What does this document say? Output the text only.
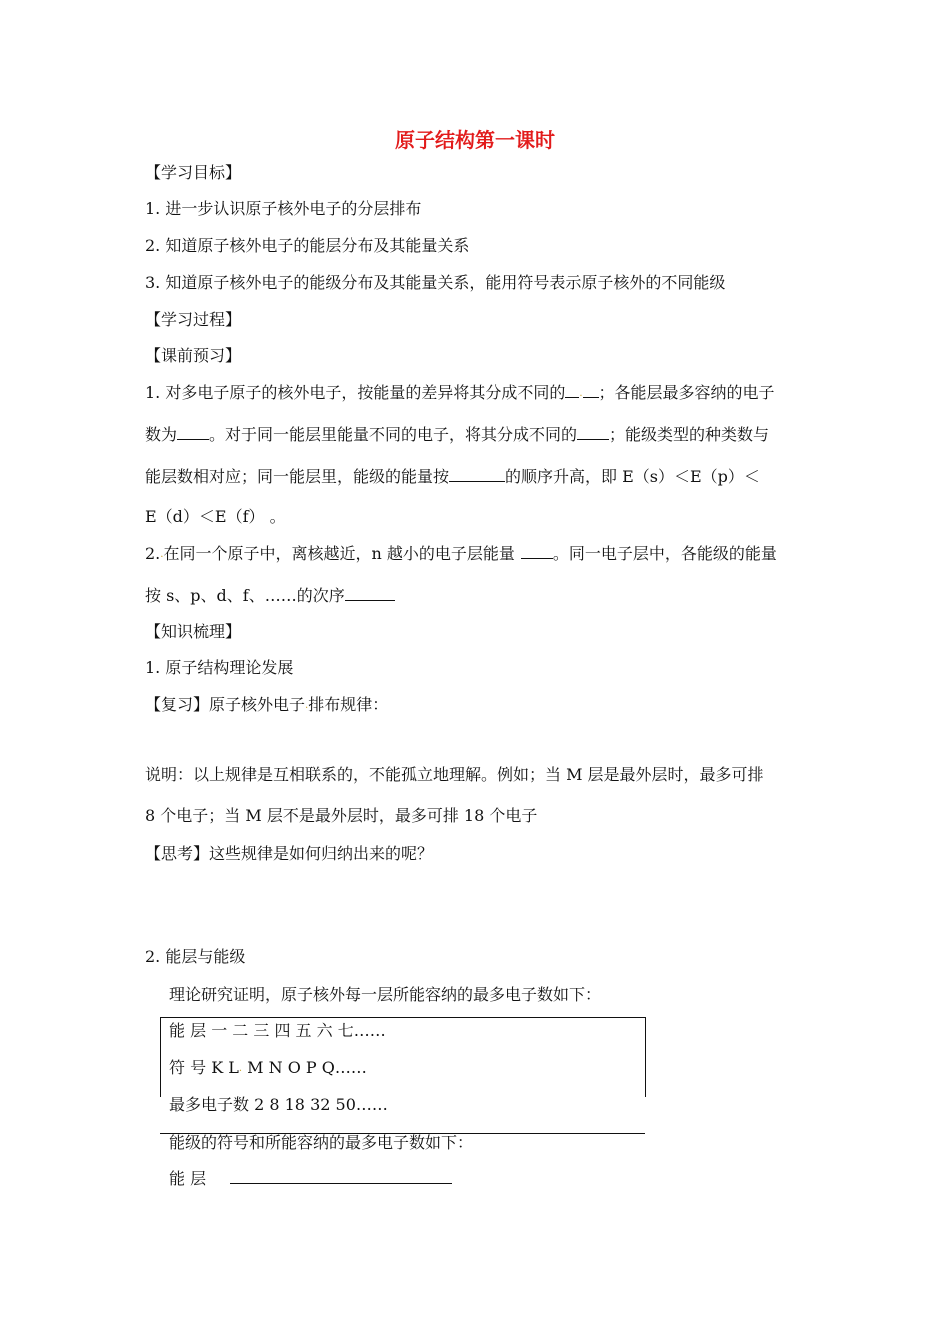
原子结构第一课时
【学习目标】
1. 进一步认识原子核外电子的分层排布
2. 知道原子核外电子的能层分布及其能量关系
3. 知道原子核外电子的能级分布及其能量关系，能用符号表示原子核外的不同能级
【学习过程】
【课前预习】
1. 对多电子原子的核外电子，按能量的差异将其分成不同的 . ；各能层最多容纳的电子
数为 。对于同一能层里能量不同的电子，将其分成不同的 ；能级类型的种类数与
能层数相对应；同一能层里，能级的能量按	的顺序升高，即 E（s）＜E（p）＜
E（d）＜E（f） 。
2..在同一个原子中，离核越近，n 越小的电子层能量 。同一电子层中，各能级的能量
按 s、p、d、f、……的次序
【知识梳理】
1. 原子结构理论发展
【复习】原子核外电子.排布规律：
说明：以上规律是互相联系的，不能孤立地理解。例如；当 M 层是最外层时，最多可排
8 个电子；当 M 层不是最外层时，最多可排 18 个电子
【思考】这些规律是如何归纳出来的呢？
2. 能层与能级
理论研究证明，原子核外每一层所能容纳的最多电子数如下：
能 层 一 二 三 四 五 六 七……
符 号 K L. M N O P Q……
最多电子数 2 8 18 32 50……
能级的符号和所能容纳的最多电子数如下：
能 层
